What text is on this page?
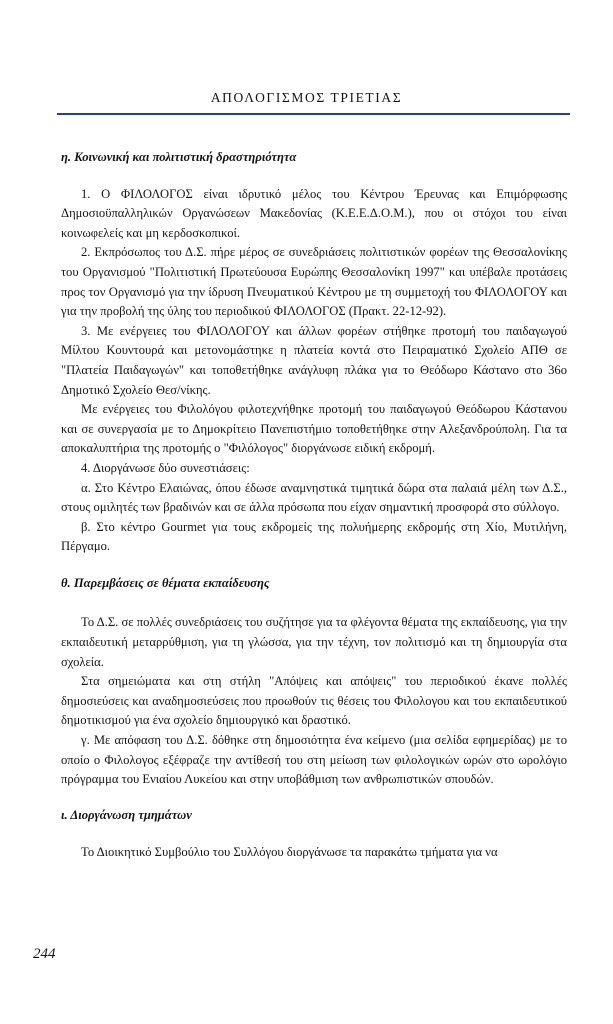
ΑΠΟΛΟΓΙΣΜΟΣ ΤΡΙΕΤΙΑΣ
η. Κοινωνική και πολιτιστική δραστηριότητα

1. Ο ΦΙΛΟΛΟΓΟΣ είναι ιδρυτικό μέλος του Κέντρου Έρευνας και Επιμόρφωσης Δημοσιοϋπαλληλικών Οργανώσεων Μακεδονίας (Κ.Ε.Ε.Δ.Ο.Μ.), που οι στόχοι του είναι κοινωφελείς και μη κερδοσκοπικοί.

2. Εκπρόσωπος του Δ.Σ. πήρε μέρος σε συνεδριάσεις πολιτιστικών φορέων της Θεσσαλονίκης του Οργανισμού "Πολιτιστική Πρωτεύουσα Ευρώπης Θεσσαλονίκη 1997" και υπέβαλε προτάσεις προς τον Οργανισμό για την ίδρυση Πνευματικού Κέντρου με τη συμμετοχή του ΦΙΛΟΛΟΓΟΥ και για την προβολή της ύλης του περιοδικού ΦΙΛΟΛΟΓΟΣ (Πρακτ. 22-12-92).

3. Με ενέργειες του ΦΙΛΟΛΟΓΟΥ και άλλων φορέων στήθηκε προτομή του παιδαγωγού Μίλτου Κουντουρά και μετονομάστηκε η πλατεία κοντά στο Πειραματικό Σχολείο ΑΠΘ σε "Πλατεία Παιδαγωγών" και τοποθετήθηκε ανάγλυφη πλάκα για το Θεόδωρο Κάστανο στο 36ο Δημοτικό Σχολείο Θεσ/νίκης.

Με ενέργειες του Φιλολόγου φιλοτεχνήθηκε προτομή του παιδαγωγού Θεόδωρου Κάστανου και σε συνεργασία με το Δημοκρίτειο Πανεπιστήμιο τοποθετήθηκε στην Αλεξανδρούπολη. Για τα αποκαλυπτήρια της προτομής ο "Φιλόλογος" διοργάνωσε ειδική εκδρομή.

4. Διοργάνωσε δύο συνεστιάσεις:

α. Στο Κέντρο Ελαιώνας, όπου έδωσε αναμνηστικά τιμητικά δώρα στα παλαιά μέλη των Δ.Σ., στους ομιλητές των βραδινών και σε άλλα πρόσωπα που είχαν σημαντική προσφορά στο σύλλογο.

β. Στο κέντρο Gourmet για τους εκδρομείς της πολυήμερης εκδρομής στη Χίο, Μυτιλήνη, Πέργαμο.

θ. Παρεμβάσεις σε θέματα εκπαίδευσης

Το Δ.Σ. σε πολλές συνεδριάσεις του συζήτησε για τα φλέγοντα θέματα της εκπαίδευσης, για την εκπαιδευτική μεταρρύθμιση, για τη γλώσσα, για την τέχνη, τον πολιτισμό και τη δημιουργία στα σχολεία.

Στα σημειώματα και στη στήλη "Απόψεις και απόψεις" του περιοδικού έκανε πολλές δημοσιεύσεις και αναδημοσιεύσεις που προωθούν τις θέσεις του Φιλολογου και του εκπαιδευτικού δημοτικισμού για ένα σχολείο δημιουργικό και δραστικό.

γ. Με απόφαση του Δ.Σ. δόθηκε στη δημοσιότητα ένα κείμενο (μια σελίδα εφημερίδας) με το οποίο ο Φιλολογος εξέφραζε την αντίθεσή του στη μείωση των φιλολογικών ωρών στο ωρολόγιο πρόγραμμα του Ενιαίου Λυκείου και στην υποβάθμιση των ανθρωπιστικών σπουδών.

ι. Διοργάνωση τμημάτων

Το Διοικητικό Συμβούλιο του Συλλόγου διοργάνωσε τα παρακάτω τμήματα για να

244
